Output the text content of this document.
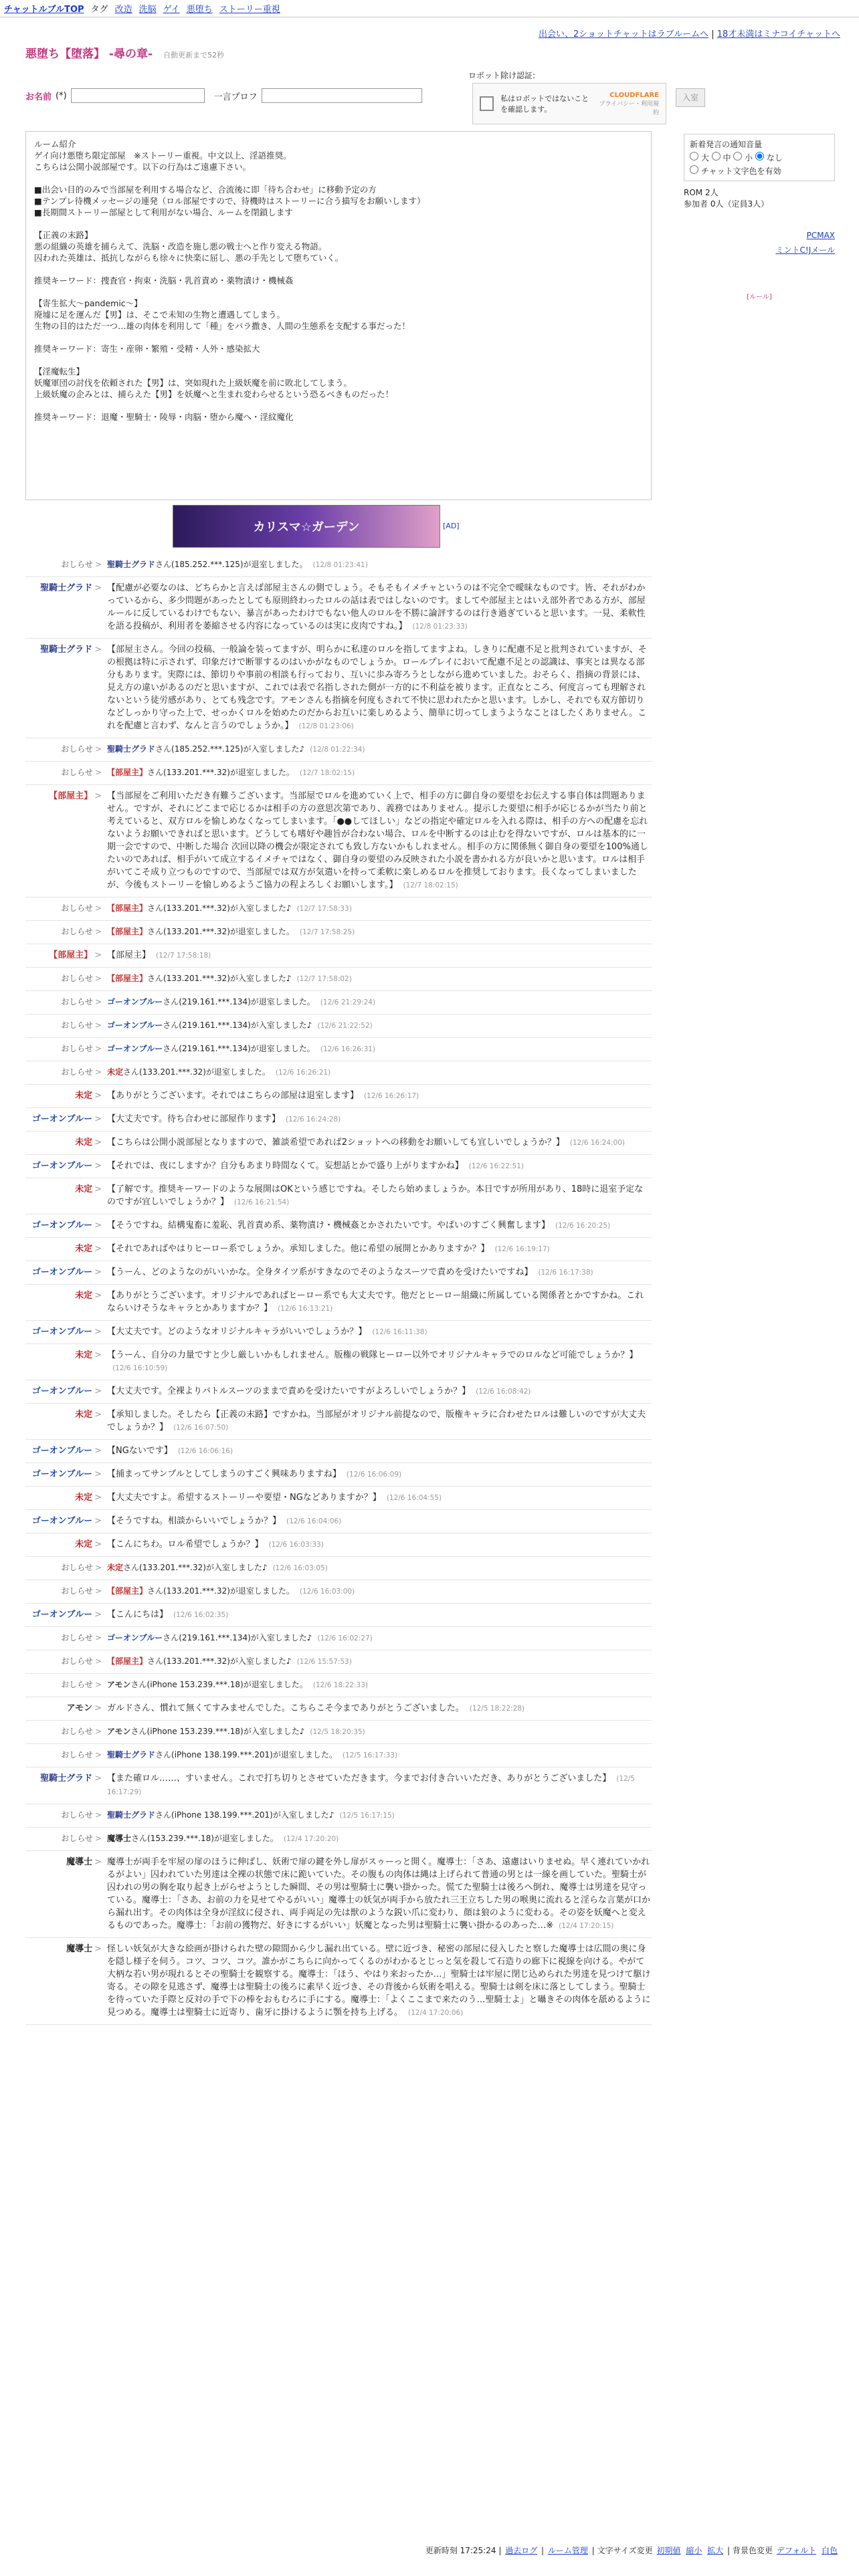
チャットルブルTOP タグ 改造 洗脳 ゲイ 悪堕ち ストーリー重視
出会い、2ショットチャットはラブルームへ | 18才未満はミナコイチャットへ
悪堕ち【堕落】 -尋の章- 自動更新まで52秒
お名前 (*)	一言プロフ
ロボット除け認証:
私はロボットではないことを確認します。
CLOUDFLARE
プライバシー・利用規約
入室
ルーム紹介
ゲイ向け悪堕ち限定部屋　※ストーリー重視。中文以上、淫語推奨。
こちらは公開小説部屋です。以下の行為はご遠慮下さい。

■出会い目的のみで当部屋を利用する場合など、合流後に即「待ち合わせ」に移動予定の方
■テンプレ待機メッセージの連発（ロル部屋ですので、待機時はストーリーに合う描写をお願いします）
■長期間ストーリー部屋として利用がない場合、ルームを閉鎖します

【正義の末路】
悪の組織の英雄を捕らえて、洗脳・改造を施し悪の戦士へと作り変える物語。
囚われた英雄は、抵抗しながらも徐々に快楽に屈し、悪の手先として堕ちていく。

推奨キーワード：捜査官・拘束・洗脳・乳首責め・薬物漬け・機械姦

【寄生拡大〜pandemic〜】
廃墟に足を運んだ【男】は、そこで未知の生物と遭遇してしまう。
生物の目的はただ一つ…雄の肉体を利用して「種」をバラ撒き、人間の生態系を支配する事だった！

推奨キーワード：寄生・産卵・繁殖・受精・人外・感染拡大

【淫魔転生】
妖魔軍団の討伐を依頼された【男】は、突如現れた上級妖魔を前に敗北してしまう。
上級妖魔の企みとは、捕らえた【男】を妖魔へと生まれ変わらせるという恐るべきものだった！

推奨キーワード：退魔・聖騎士・陵辱・肉脳・堕から魔へ・淫紋魔化
カリスマ☆ガーデン	[AD]
新着発言の通知音量
大 中 小 なし
チャット文字色を有効
ROM 2人
参加者 0人（定員3人）
PCMAX
ミントC!Jメール
[ルール]
おしらせ > 聖騎士グラドさん(185.252.***.125)が退室しました。 (12/8 01:23:41)
聖騎士グラド > 【配慮が必要なのは、どちらかと言えば部屋主さんの側でしょう。そもそもイメチャというのは不完全で曖昧なものです。皆、それがわかっているから、多少問題があったとしても原則終わったロルの話は表ではしないのです。ましてや部屋主とはいえ部外者である方が、部屋ルールに反しているわけでもない、暴言があったわけでもない他人のロルを不勝に論評するのは行き過ぎていると思います。一見、柔軟性を語る投稿が、利用者を萎縮させる内容になっているのは実に皮肉ですね。】 (12/8 01:23:33)
聖騎士グラド > 【部屋主さん。今回の投稿、一般論を装ってますが、明らかに私達のロルを指してますよね。しきりに配慮不足と批判されていますが、その根拠は特に示されず、印象だけで断罪するのはいかがなものでしょうか。ロールプレイにおいて配慮不足との認識は、事実とは異なる部分もあります。実際には、節切りや事前の相談も行っており、互いに歩み寄ろうとしながら進めていました。おそらく、指摘の背景には、見え方の違いがあるのだと思いますが、これでは表で名指しされた側が一方的に不利益を被ります。正直なところ、何度言っても理解されないという徒労感があり、とても残念です。アモンさんも指摘を何度もされて不快に思われたかと思います。しかし、それでも双方節切りなどしっかり守った上で、せっかくロルを始めたのだからお互いに楽しめるよう、簡単に切ってしまうようなことはしたくありません。これを配慮と言わず、なんと言うのでしょうか。】 (12/8 01:23:06)
おしらせ > 聖騎士グラドさん(185.252.***.125)が入室しました♪ (12/8 01:22:34)
おしらせ > 【部屋主】さん(133.201.***.32)が退室しました。 (12/7 18:02:15)
【部屋主】 > 【当部屋をご利用いただき有難うございます。当部屋でロルを進めていく上で、相手の方に御自身の要望をお伝えする事自体は問題ありません。ですが、それにどこまで応じるかは相手の方の意思次第であり、義務ではありません。提示した要望に相手が応じるかが当たり前と考えていると、双方ロルを愉しめなくなってしまいます。「●●してほしい」などの指定や確定ロルを入れる際は、相手の方への配慮を忘れないようお願いできればと思います。どうしても嗜好や趣旨が合わない場合、ロルを中断するのは止むを得ないですが、ロルは基本的に一期一会ですので、中断した場合 次回以降の機会が限定されても致し方ないかもしれません。相手の方に関係無く御自身の要望を100%通したいのであれば、相手がいて成立するイメチャではなく、御自身の要望のみ反映された小説を書かれる方が良いかと思います。ロルは相手がいてこそ成り立つものですので、当部屋では双方が気遣いを持って柔軟に楽しめるロルを推奨しております。長くなってしまいましたが、今後もストーリーを愉しめるようご協力の程よろしくお願いします。】 (12/7 18:02:15)
おしらせ > 【部屋主】さん(133.201.***.32)が入室しました♪ (12/7 17:58:33)
おしらせ > 【部屋主】さん(133.201.***.32)が退室しました。 (12/7 17:58:25)
【部屋主】 > 【部屋主】 (12/7 17:58:18)
おしらせ > 【部屋主】さん(133.201.***.32)が入室しました♪ (12/7 17:58:02)
おしらせ > ゴーオンブルーさん(219.161.***.134)が退室しました。 (12/6 21:29:24)
おしらせ > ゴーオンブルーさん(219.161.***.134)が入室しました♪ (12/6 21:22:52)
おしらせ > ゴーオンブルーさん(219.161.***.134)が退室しました。 (12/6 16:26:31)
おしらせ > 未定さん(133.201.***.32)が退室しました。 (12/6 16:26:21)
未定 > 【ありがとうございます。それではこちらの部屋は退室します】 (12/6 16:26:17)
ゴーオンブルー > 【大丈夫です。待ち合わせに部屋作ります】 (12/6 16:24:28)
未定 > 【こちらは公開小説部屋となりますので、雑談希望であれば2ショットへの移動をお願いしても宜しいでしょうか？】 (12/6 16:24:00)
ゴーオンブルー > 【それでは、夜にしますか？自分もあまり時間なくて。妄想話とかで盛り上がりますかね】 (12/6 16:22:51)
未定 > 【了解です。推奨キーワードのような展開はOKという感じですね。そしたら始めましょうか。本日ですが所用があり、18時に退室予定なのですが宜しいでしょうか？】 (12/6 16:21:54)
ゴーオンブルー > 【そうですね。結構鬼畜に羞恥、乳首責め系、薬物漬け・機械姦とかされたいです。やぱいのすごく興奮します】 (12/6 16:20:25)
未定 > 【それであればやはりヒーロー系でしょうか。承知しました。他に希望の展開とかありますか？】 (12/6 16:19:17)
ゴーオンブルー > 【うーん、どのようなのがいいかな。全身タイツ系がすきなのでそのようなスーツで責めを受けたいですね】 (12/6 16:17:38)
未定 > 【ありがとうございます。オリジナルであればヒーロー系でも大丈夫です。他だとヒーロー組織に所属している関係者とかですかね。これならいけそうなキャラとかありますか？】 (12/6 16:13:21)
ゴーオンブルー > 【大丈夫です。どのようなオリジナルキャラがいいでしょうか？】 (12/6 16:11:38)
未定 > 【うーん、自分の力量ですと少し厳しいかもしれません。版権の戦隊ヒーロー以外でオリジナルキャラでのロルなど可能でしょうか？】(12/6 16:10:59)
ゴーオンブルー > 【大丈夫です。全裸よりバトルスーツのままで責めを受けたいですがよろしいでしょうか？】 (12/6 16:08:42)
未定 > 【承知しました。そしたら【正義の末路】ですかね。当部屋がオリジナル前提なので、版権キャラに合わせたロルは難しいのですが大丈夫でしょうか？】 (12/6 16:07:50)
ゴーオンブルー > 【NGないです】 (12/6 16:06:16)
ゴーオンブルー > 【捕まってサンプルとしてしまうのすごく興味ありますね】 (12/6 16:06:09)
未定 > 【大丈夫ですよ。希望するストーリーや要望・NGなどありますか？】 (12/6 16:04:55)
ゴーオンブルー > 【そうですね。相談からいいでしょうか？】 (12/6 16:04:06)
未定 > 【こんにちわ。ロル希望でしょうか？】 (12/6 16:03:33)
おしらせ > 未定さん(133.201.***.32)が入室しました♪ (12/6 16:03:05)
おしらせ > 【部屋主】さん(133.201.***.32)が退室しました。 (12/6 16:03:00)
ゴーオンブルー > 【こんにちは】 (12/6 16:02:35)
おしらせ > ゴーオンブルーさん(219.161.***.134)が入室しました♪ (12/6 16:02:27)
おしらせ > 【部屋主】さん(133.201.***.32)が入室しました♪ (12/6 15:57:53)
おしらせ > アモンさん(iPhone 153.239.***.18)が退室しました。 (12/6 18:22:33)
アモン > ガルドさん、慣れて無くてすみませんでした。こちらこそ今までありがとうございました。 (12/5 18:22:28)
おしらせ > アモンさん(iPhone 153.239.***.18)が入室しました♪ (12/5 18:20:35)
おしらせ > 聖騎士グラドさん(iPhone 138.199.***.201)が退室しました。 (12/5 16:17:33)
聖騎士グラド > 【また確ロル……、すいません。これで打ち切りとさせていただきます。今までお付き合いいただき、ありがとうございました】 (12/5 16:17:29)
おしらせ > 聖騎士グラドさん(iPhone 138.199.***.201)が入室しました♪ (12/5 16:17:15)
おしらせ > 魔導士さん(153.239.***.18)が退室しました。 (12/4 17:20:20)
魔導士 > 魔導士が両手を牢屋の扉のほうに伸ばし、妖術で扉の鍵を外し扉がスゥーっと開く。魔導士：「さあ、遠慮はいりませぬ。早く連れていかれるがよい」囚われていた男達は全裸の状態で床に跪いていた。その腹もの肉体は縄は上げられて普通の男とは一線を画していた。聖騎士が囚われの男の胸を取り起き上がらせようとした瞬間、その男は聖騎士に襲い掛かった。慌てた聖騎士は後ろへ倒れ、魔導士は男達を見守っている。魔導士：「さあ、お前の力を見せてやるがいい」魔導士の妖気が両手から放たれ三王立ちした男の喉奥に流れると淫らな言葉が口から漏れ出す。その肉体は全身が淫紋に侵され、両手両足の先は獣のような鋭い爪に変わり、顔は狼のように変わる。その姿を妖魔へと変えるものであった。魔導士：「お前の獲物だ、好きにするがいい」妖魔となった男は聖騎士に襲い掛かるのあった…※ (12/4 17:20:15)
魔導士 > 怪しい妖気が大きな絵画が掛けられた壁の隙間から少し漏れ出ている。壁に近づき、秘密の部屋に侵入したと察した魔導士は広間の奥に身を隠し様子を伺う。コツ、コツ、コツ。誰かがこちらに向かってくるのがわかるとじっと気を殺して石造りの廊下に視線を向ける。やがて大柄な若い男が現れるとその聖騎士を観察する。魔導士：「ほう、やはり来おったか…」聖騎士は牢屋に閉じ込められた男達を見つけて駆け寄る。その隙を見逃さず、魔導士は聖騎士の後ろに素早く近づき、その背後から妖術を唱える。聖騎士は剣を床に落としてしまう。聖騎士を待っていた手際と反対の手で下の棒をおもむろに手にする。魔導士：「よくここまで来たのう…聖騎士よ」と囁きその肉体を舐めるように見つめる。魔導士は聖騎士に近寄り、歯牙に掛けるように顎を持ち上げる。 (12/4 17:20:06)
更新時刻 17:25:24 | 過去ログ | ルーム管理 | 文字サイズ変更 初期値 縮小 拡大 | 背景色変更 デフォルト 白色
